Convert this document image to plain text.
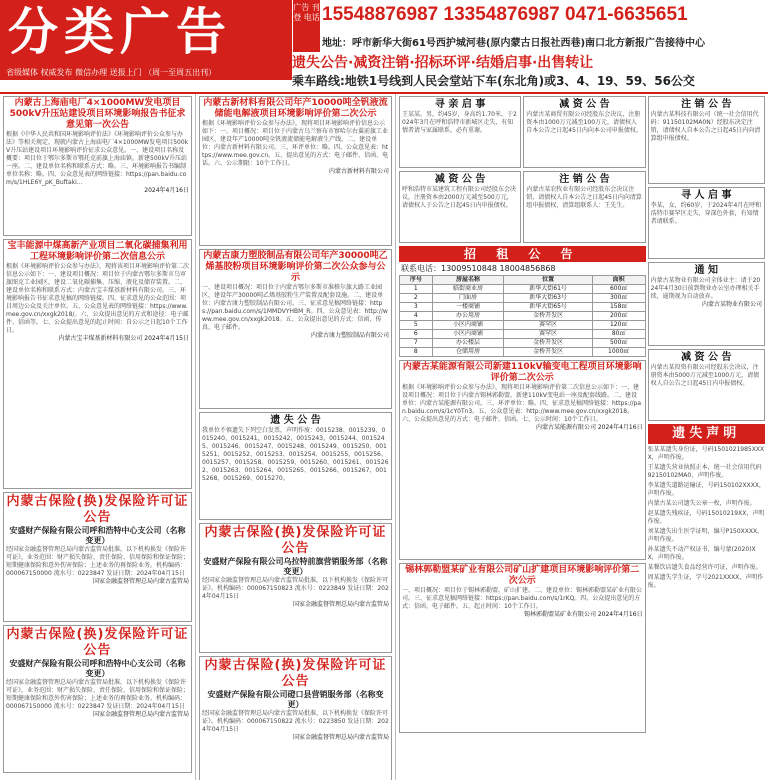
分类广告
省级媒体 权威发布 微信办理 送报上门 （周一至周五出刊）
广告 刊登 电话 15548876987 13354876987 0471-6635651
地址：呼市新华大街61号西护城河巷(原内蒙古日报社西巷)南口北方新报广告接待中心
遗失公告·减资注销·招标环评·结婚启事·出售转让
乘车路线:地铁1号线到人民会堂站下车(东北角)或3、4、19、59、56公交
内蒙古上海庙电厂4×1000MW发电项目500kV升压站建设项目环境影响报告书征求意见第一次公告
根据《中华人民共和国环境影响评价法》《环境影响评价公众参与办法》等相关规定，现就内蒙古上海庙电厂4×1000MW发电项目500kV升压站建设项目环境影响评价征求公众意见。一、建设项目名称及概要：项目位于鄂尔多斯市鄂托克前旗上海庙镇，新建500kV升压站一座。二、建设单位名称和联系方式：略。三、环境影响报告书编制单位名称：略。四、公众意见表的网络链接：https://pan.baidu.com/s/1HLE6Y_pK_Buftaki...
2024年4月16日
宝丰能源中煤高新产业项目二氧化碳捕集利用工程环境影响评价第二次信息公示
根据《环境影响评价公众参与办法》，现将该项目环境影响评价第二次信息公示如下：一、建设项目概况：项目位于内蒙古鄂尔多斯市乌审旗图克工业园区，建设二氧化碳捕集、压缩、液化及储存装置。二、建设单位名称和联系方式：内蒙古宝丰煤基新材料有限公司。三、环境影响报告书征求意见稿的网络链接。四、征求意见的公众范围：项目周边公众及关注单位。五、公众意见表的网络链接：https://www.mee.gov.cn/xxgk2018/。六、公众提出意见的方式和途径：电子邮件、信函等。七、公众提出意见的起止时间：自公示之日起10个工作日。
内蒙古宝丰煤基新材料有限公司 2024年4月15日
内蒙古保险(换)发保险许可证公告
安盛财产保险有限公司呼和浩特中心支公司（名称变更）
经国家金融监督管理总局内蒙古监管局批准，以下机构换发《保险许可证》，业务范围：财产损失保险、责任保险、信用保险和保证保险；短期健康保险和意外伤害保险；上述业务的再保险业务。机构编码：000067150000 流水号：0223847 发证日期：2024年04月15日
国家金融监督管理总局内蒙古监管局
内蒙古保险(换)发保险许可证公告
安盛财产保险有限公司呼和浩特中心支公司（名称变更）
经国家金融监督管理总局内蒙古监管局批准，以下机构换发《保险许可证》，业务范围：财产损失保险、责任保险、信用保险和保证保险；短期健康保险和意外伤害保险；上述业务的再保险业务。机构编码：000067150000 流水号：0223847 发证日期：2024年04月15日
国家金融监督管理总局内蒙古监管局
内蒙古新材料有限公司年产10000吨全钒液流储能电解液项目环境影响评价第二次公示
根据《环境影响评价公众参与办法》，现将项目环境影响评价信息公示如下：一、项目概况：项目位于内蒙古乌兰察布市察哈尔右翼前旗工业园区，建设年产10000吨全钒液流储能电解液生产线。二、建设单位：内蒙古新材料有限公司。三、环评单位：略。四、公众意见表：https://www.mee.gov.cn。五、提出意见的方式：电子邮件、信函、电话。六、公示期限：10个工作日。
内蒙古新材料有限公司
内蒙古康力塑胶制品有限公司年产30000吨乙烯基胶粉项目环境影响评价第二次公众参与公示
一、建设项目概况：项目位于内蒙古鄂尔多斯市准格尔旗大路工业园区，建设年产30000吨乙烯基胶粉生产装置及配套设施。二、建设单位：内蒙古康力塑胶制品有限公司。三、征求意见稿网络链接：https://pan.baidu.com/s/1MMDVYHBM_R。四、公众意见表：http://www.mee.gov.cn/xxgk2018。五、公众提出意见的方式：信函、传真、电子邮件。
内蒙古康力塑胶制品有限公司
遗 失 公 告
我单位不慎遗失下列空白发票，声明作废：0015238、0015239、0015240、0015241、0015242、0015243、0015244、0015245、0015246、0015247、0015248、0015249、0015250、0015251、0015252、0015253、0015254、0015255、0015256、0015257、0015258、0015259、0015260、0015261、0015262、0015263、0015264、0015265、0015266、0015267、0015268、0015269、0015270。
内蒙古保险(换)发保险许可证公告
安盛财产保险有限公司乌拉特前旗营销服务部（名称变更）
经国家金融监督管理总局内蒙古监管局批准，以下机构换发《保险许可证》。机构编码：000067150823 流水号：0223849 发证日期：2024年04月15日
国家金融监督管理总局内蒙古监管局
内蒙古保险(换)发保险许可证公告
安盛财产保险有限公司磴口县营销服务部（名称变更）
经国家金融监督管理总局内蒙古监管局批准，以下机构换发《保险许可证》。机构编码：000067150822 流水号：0223850 发证日期：2024年04月15日
国家金融监督管理总局内蒙古监管局
寻 亲 启 事
王某某，男，约45岁，身高约1.70米，于2024年3月在呼和浩特市新城区走失，有知情者请与家属联系，必有重谢。
减 资 公 告
内蒙古某商贸有限公司经股东会决议，注册资本由1000万元减至100万元，请债权人自本公告之日起45日内向本公司申报债权。
减 资 公 告
呼和浩特市某建筑工程有限公司经股东会决议，注册资本由2000万元减至500万元，请债权人于公告之日起45日内申报债权。
注 销 公 告
内蒙古某农牧业有限公司经股东会决议注销，请债权人自本公告之日起45日内向清算组申报债权，清算组联系人：王先生。
招 租 公 告
联系电话：13009510848 18004856868
序号	房屋名称	位置	面积
1	临街商业房	新华大街61号	600㎡
2	门面房	新华大街63号	300㎡
3	一楼商铺	新华大街65号	158㎡
4	办公用房	金桥开发区	200㎡
5	小区内商铺	赛罕区	120㎡
6	小区内商铺	赛罕区	80㎡
7	办公楼层	金桥开发区	500㎡
8	仓储用房	金桥开发区	1000㎡
内蒙古某能源有限公司新建110kV输变电工程项目环境影响评价第二次公示
根据《环境影响评价公众参与办法》，现将项目环境影响评价第二次信息公示如下：一、建设项目概况：项目位于内蒙古锡林郭勒盟，新建110kV变电站一座及配套线路。二、建设单位：内蒙古某能源有限公司。三、环评单位：略。四、征求意见稿网络链接：https://pan.baidu.com/s/1cY0Tn3。五、公众意见表：http://www.mee.gov.cn/xxgk2018。六、公众提出意见的方式：电子邮件、信函。七、公示时间：10个工作日。
内蒙古某能源有限公司 2024年4月16日
锡林郭勒盟某矿业有限公司矿山扩建项目环境影响评价第二次公示
一、项目概况：项目位于锡林郭勒盟，矿山扩建。二、建设单位：锡林郭勒盟某矿业有限公司。三、征求意见稿网络链接：https://pan.baidu.com/s/1rKQ。四、公众提出意见的方式：信函、电子邮件。五、起止时间：10个工作日。
锡林郭勒盟某矿业有限公司 2024年4月16日
注 销 公 告
内蒙古某科技有限公司（统一社会信用代码：91150102MA0N）经股东决定注销，请债权人自本公告之日起45日内向清算组申报债权。
寻 人 启 事
李某，女，约60岁，于2024年4月在呼和浩特市赛罕区走失，穿深色外套，有知情者请联系。
通 知
内蒙古某物业有限公司全体业主：请于2024年4月30日前到物业办公室办理相关手续，逾期视为自动放弃。
内蒙古某物业有限公司
减 资 公 告
内蒙古某投资有限公司经股东会决议，注册资本由5000万元减至1000万元，请债权人自公告之日起45日内申报债权。
遗失声明
张某某遗失身份证，号码1501021985XXXX，声明作废。
王某遗失营业执照正本，统一社会信用代码92150102MA0，声明作废。
李某遗失道路运输证，号码150102XXXX，声明作废。
内蒙古某公司遗失公章一枚，声明作废。
赵某遗失残疾证，号码15010219XX，声明作废。
刘某遗失出生医学证明，编号P150XXXX，声明作废。
孙某遗失不动产权证书，编号蒙(2020)XX，声明作废。
某餐饮店遗失食品经营许可证，声明作废。
周某遗失学生证，学号2021XXXX，声明作废。
